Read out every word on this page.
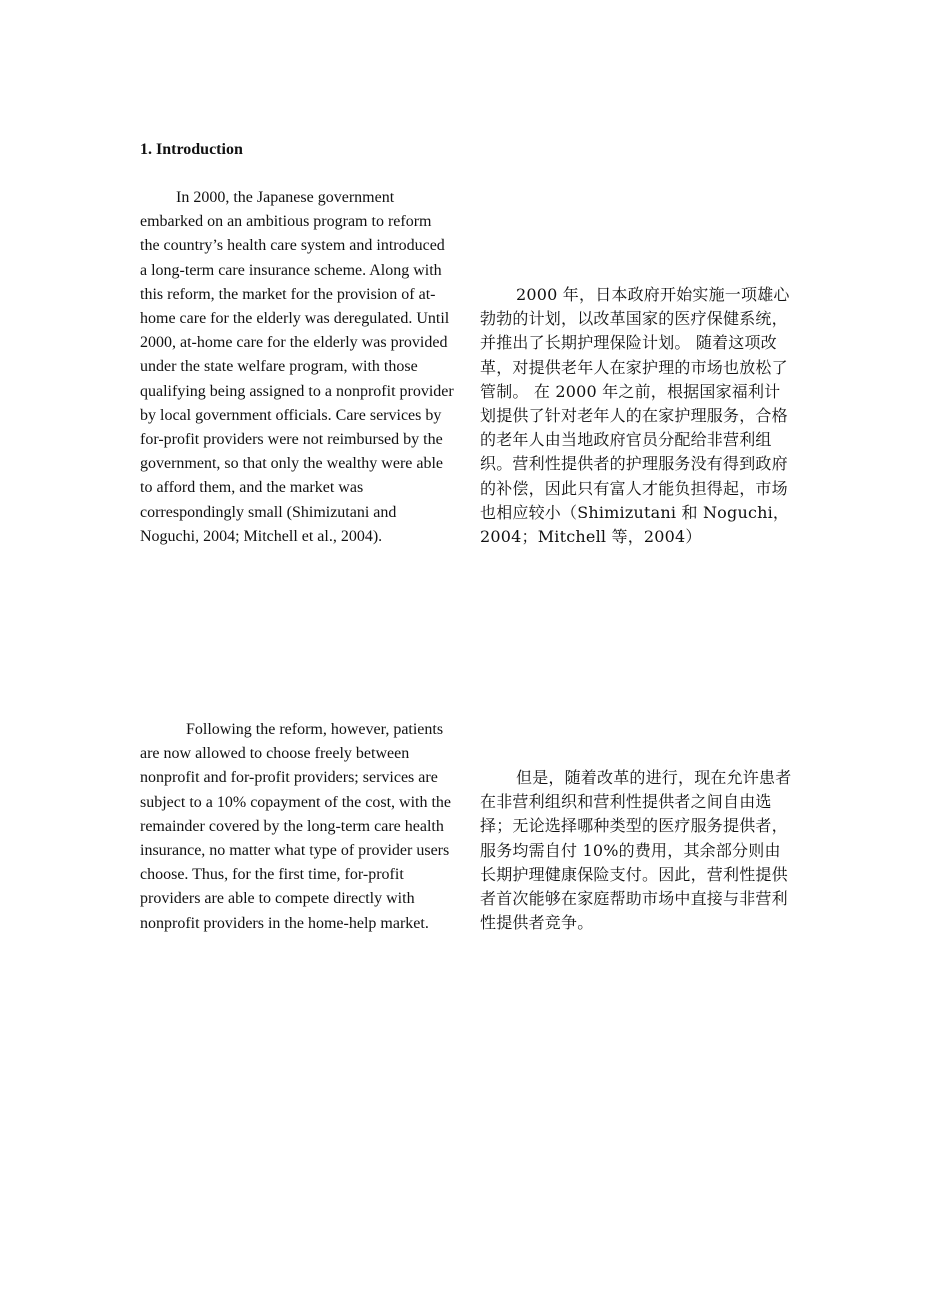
1. Introduction

In 2000, the Japanese government embarked on an ambitious program to reform the country’s health care system and introduced a long-term care insurance scheme. Along with this reform, the market for the provision of at-home care for the elderly was deregulated. Until 2000, at-home care for the elderly was provided under the state welfare program, with those qualifying being assigned to a nonprofit provider by local government officials. Care services by for-profit providers were not reimbursed by the government, so that only the wealthy were able to afford them, and the market was correspondingly small (Shimizutani and Noguchi, 2004; Mitchell et al., 2004).

2000 年，日本政府开始实施一项雄心勃勃的计划，以改革国家的医疗保健系统，并推出了长期护理保险计划。 随着这项改革，对提供老年人在家护理的市场也放松了管制。 在 2000 年之前，根据国家福利计划提供了针对老年人的在家护理服务，合格的老年人由当地政府官员分配给非营利组织。营利性提供者的护理服务没有得到政府的补偿，因此只有富人才能负担得起，市场也相应较小（Shimizutani 和 Noguchi，2004；Mitchell 等，2004）

Following the reform, however, patients are now allowed to choose freely between nonprofit and for-profit providers; services are subject to a 10% copayment of the cost, with the remainder covered by the long-term care health insurance, no matter what type of provider users choose. Thus, for the first time, for-profit providers are able to compete directly with nonprofit providers in the home-help market.

但是，随着改革的进行，现在允许患者在非营利组织和营利性提供者之间自由选择；无论选择哪种类型的医疗服务提供者，服务均需自付 10%的费用，其余部分则由长期护理健康保险支付。因此，营利性提供者首次能够在家庭帮助市场中直接与非营利性提供者竞争。
